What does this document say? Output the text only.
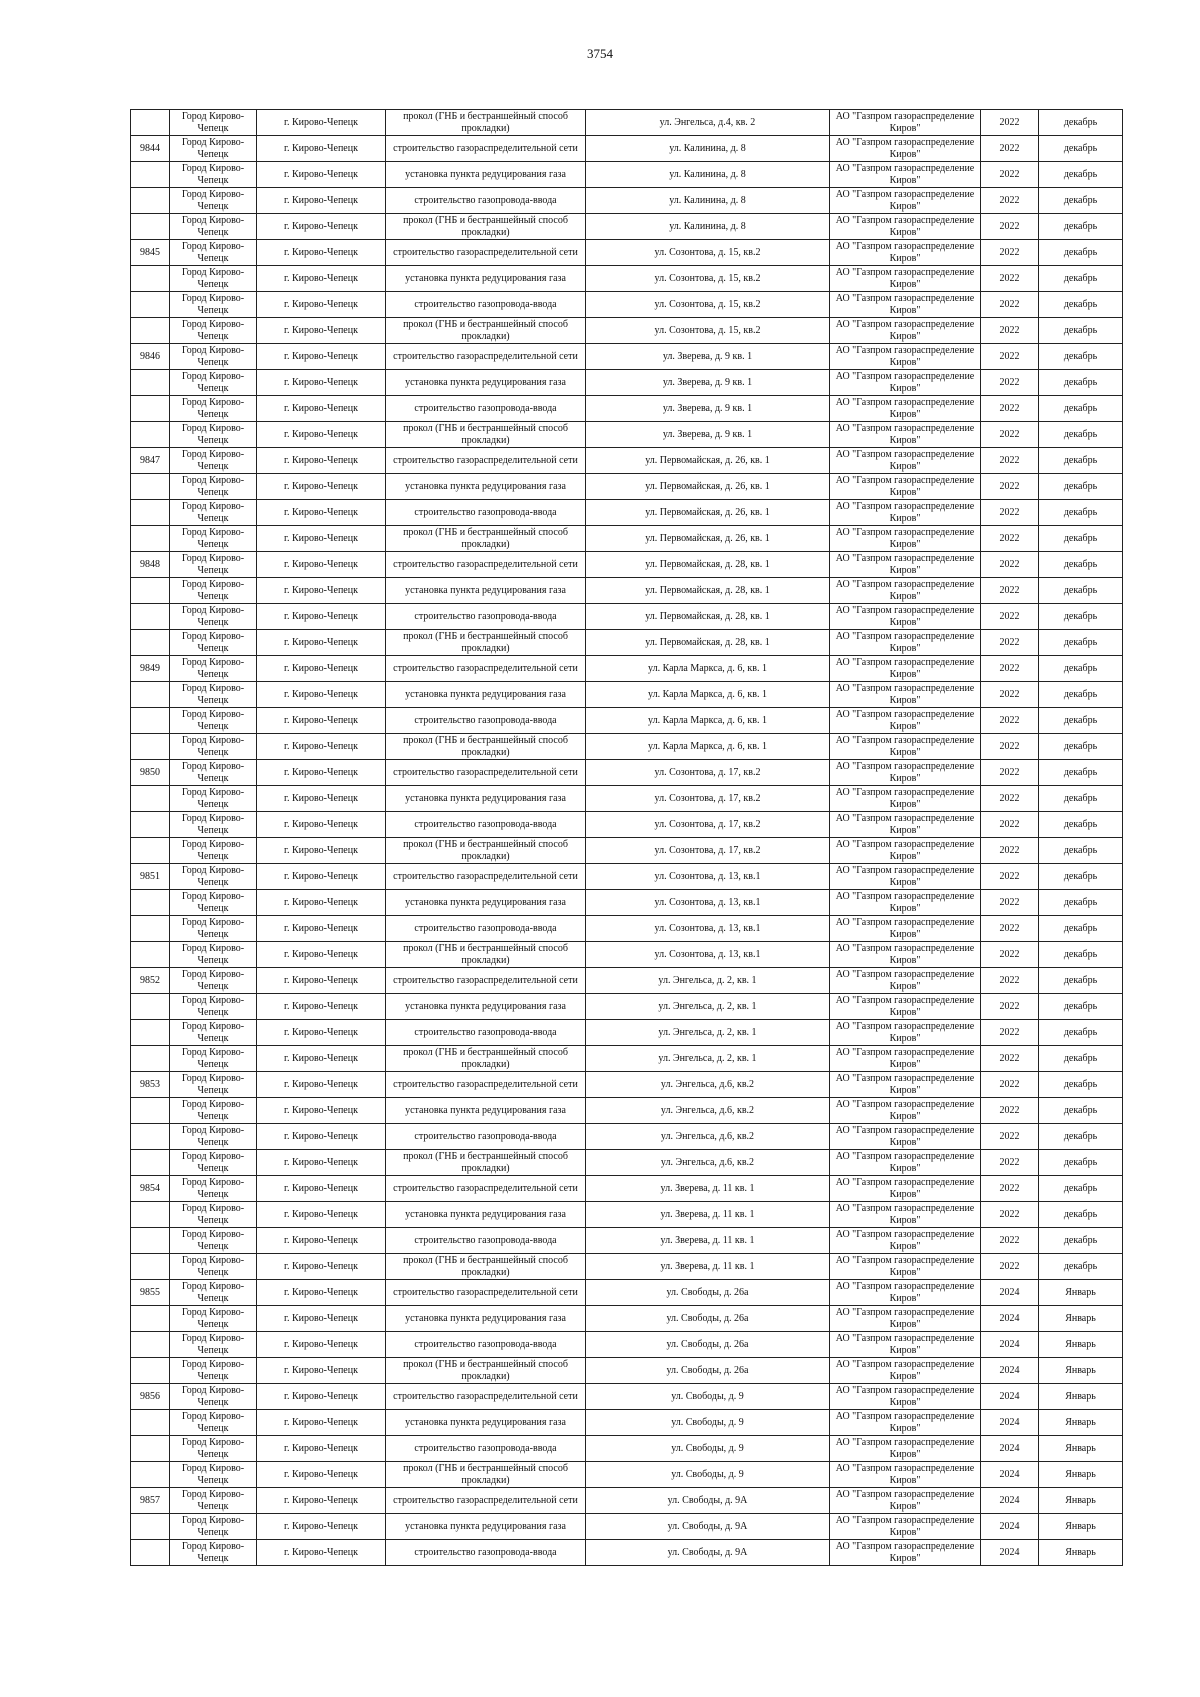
3754
	Город Кирово-Чепецк	г. Кирово-Чепецк	прокол (ГНБ и бестраншейный способ прокладки)	ул. Энгельса, д.4, кв. 2	АО "Газпром газораспределение Киров"	2022	декабрь
9844	Город Кирово-Чепецк	г. Кирово-Чепецк	строительство газораспределительной сети	ул. Калинина, д. 8	АО "Газпром газораспределение Киров"	2022	декабрь
	Город Кирово-Чепецк	г. Кирово-Чепецк	установка пункта редуцирования газа	ул. Калинина, д. 8	АО "Газпром газораспределение Киров"	2022	декабрь
	Город Кирово-Чепецк	г. Кирово-Чепецк	строительство газопровода-ввода	ул. Калинина, д. 8	АО "Газпром газораспределение Киров"	2022	декабрь
	Город Кирово-Чепецк	г. Кирово-Чепецк	прокол (ГНБ и бестраншейный способ прокладки)	ул. Калинина, д. 8	АО "Газпром газораспределение Киров"	2022	декабрь
9845	Город Кирово-Чепецк	г. Кирово-Чепецк	строительство газораспределительной сети	ул. Созонтова, д. 15, кв.2	АО "Газпром газораспределение Киров"	2022	декабрь
	Город Кирово-Чепецк	г. Кирово-Чепецк	установка пункта редуцирования газа	ул. Созонтова, д. 15, кв.2	АО "Газпром газораспределение Киров"	2022	декабрь
	Город Кирово-Чепецк	г. Кирово-Чепецк	строительство газопровода-ввода	ул. Созонтова, д. 15, кв.2	АО "Газпром газораспределение Киров"	2022	декабрь
	Город Кирово-Чепецк	г. Кирово-Чепецк	прокол (ГНБ и бестраншейный способ прокладки)	ул. Созонтова, д. 15, кв.2	АО "Газпром газораспределение Киров"	2022	декабрь
9846	Город Кирово-Чепецк	г. Кирово-Чепецк	строительство газораспределительной сети	ул. Зверева, д. 9 кв. 1	АО "Газпром газораспределение Киров"	2022	декабрь
	Город Кирово-Чепецк	г. Кирово-Чепецк	установка пункта редуцирования газа	ул. Зверева, д. 9 кв. 1	АО "Газпром газораспределение Киров"	2022	декабрь
	Город Кирово-Чепецк	г. Кирово-Чепецк	строительство газопровода-ввода	ул. Зверева, д. 9 кв. 1	АО "Газпром газораспределение Киров"	2022	декабрь
	Город Кирово-Чепецк	г. Кирово-Чепецк	прокол (ГНБ и бестраншейный способ прокладки)	ул. Зверева, д. 9 кв. 1	АО "Газпром газораспределение Киров"	2022	декабрь
9847	Город Кирово-Чепецк	г. Кирово-Чепецк	строительство газораспределительной сети	ул. Первомайская, д. 26, кв. 1	АО "Газпром газораспределение Киров"	2022	декабрь
	Город Кирово-Чепецк	г. Кирово-Чепецк	установка пункта редуцирования газа	ул. Первомайская, д. 26, кв. 1	АО "Газпром газораспределение Киров"	2022	декабрь
	Город Кирово-Чепецк	г. Кирово-Чепецк	строительство газопровода-ввода	ул. Первомайская, д. 26, кв. 1	АО "Газпром газораспределение Киров"	2022	декабрь
	Город Кирово-Чепецк	г. Кирово-Чепецк	прокол (ГНБ и бестраншейный способ прокладки)	ул. Первомайская, д. 26, кв. 1	АО "Газпром газораспределение Киров"	2022	декабрь
9848	Город Кирово-Чепецк	г. Кирово-Чепецк	строительство газораспределительной сети	ул. Первомайская, д. 28, кв. 1	АО "Газпром газораспределение Киров"	2022	декабрь
	Город Кирово-Чепецк	г. Кирово-Чепецк	установка пункта редуцирования газа	ул. Первомайская, д. 28, кв. 1	АО "Газпром газораспределение Киров"	2022	декабрь
	Город Кирово-Чепецк	г. Кирово-Чепецк	строительство газопровода-ввода	ул. Первомайская, д. 28, кв. 1	АО "Газпром газораспределение Киров"	2022	декабрь
	Город Кирово-Чепецк	г. Кирово-Чепецк	прокол (ГНБ и бестраншейный способ прокладки)	ул. Первомайская, д. 28, кв. 1	АО "Газпром газораспределение Киров"	2022	декабрь
9849	Город Кирово-Чепецк	г. Кирово-Чепецк	строительство газораспределительной сети	ул. Карла Маркса, д. 6, кв. 1	АО "Газпром газораспределение Киров"	2022	декабрь
	Город Кирово-Чепецк	г. Кирово-Чепецк	установка пункта редуцирования газа	ул. Карла Маркса, д. 6, кв. 1	АО "Газпром газораспределение Киров"	2022	декабрь
	Город Кирово-Чепецк	г. Кирово-Чепецк	строительство газопровода-ввода	ул. Карла Маркса, д. 6, кв. 1	АО "Газпром газораспределение Киров"	2022	декабрь
	Город Кирово-Чепецк	г. Кирово-Чепецк	прокол (ГНБ и бестраншейный способ прокладки)	ул. Карла Маркса, д. 6, кв. 1	АО "Газпром газораспределение Киров"	2022	декабрь
9850	Город Кирово-Чепецк	г. Кирово-Чепецк	строительство газораспределительной сети	ул. Созонтова, д. 17, кв.2	АО "Газпром газораспределение Киров"	2022	декабрь
	Город Кирово-Чепецк	г. Кирово-Чепецк	установка пункта редуцирования газа	ул. Созонтова, д. 17, кв.2	АО "Газпром газораспределение Киров"	2022	декабрь
	Город Кирово-Чепецк	г. Кирово-Чепецк	строительство газопровода-ввода	ул. Созонтова, д. 17, кв.2	АО "Газпром газораспределение Киров"	2022	декабрь
	Город Кирово-Чепецк	г. Кирово-Чепецк	прокол (ГНБ и бестраншейный способ прокладки)	ул. Созонтова, д. 17, кв.2	АО "Газпром газораспределение Киров"	2022	декабрь
9851	Город Кирово-Чепецк	г. Кирово-Чепецк	строительство газораспределительной сети	ул. Созонтова, д. 13, кв.1	АО "Газпром газораспределение Киров"	2022	декабрь
	Город Кирово-Чепецк	г. Кирово-Чепецк	установка пункта редуцирования газа	ул. Созонтова, д. 13, кв.1	АО "Газпром газораспределение Киров"	2022	декабрь
	Город Кирово-Чепецк	г. Кирово-Чепецк	строительство газопровода-ввода	ул. Созонтова, д. 13, кв.1	АО "Газпром газораспределение Киров"	2022	декабрь
	Город Кирово-Чепецк	г. Кирово-Чепецк	прокол (ГНБ и бестраншейный способ прокладки)	ул. Созонтова, д. 13, кв.1	АО "Газпром газораспределение Киров"	2022	декабрь
9852	Город Кирово-Чепецк	г. Кирово-Чепецк	строительство газораспределительной сети	ул. Энгельса, д. 2, кв. 1	АО "Газпром газораспределение Киров"	2022	декабрь
	Город Кирово-Чепецк	г. Кирово-Чепецк	установка пункта редуцирования газа	ул. Энгельса, д. 2, кв. 1	АО "Газпром газораспределение Киров"	2022	декабрь
	Город Кирово-Чепецк	г. Кирово-Чепецк	строительство газопровода-ввода	ул. Энгельса, д. 2, кв. 1	АО "Газпром газораспределение Киров"	2022	декабрь
	Город Кирово-Чепецк	г. Кирово-Чепецк	прокол (ГНБ и бестраншейный способ прокладки)	ул. Энгельса, д. 2, кв. 1	АО "Газпром газораспределение Киров"	2022	декабрь
9853	Город Кирово-Чепецк	г. Кирово-Чепецк	строительство газораспределительной сети	ул. Энгельса, д.6, кв.2	АО "Газпром газораспределение Киров"	2022	декабрь
	Город Кирово-Чепецк	г. Кирово-Чепецк	установка пункта редуцирования газа	ул. Энгельса, д.6, кв.2	АО "Газпром газораспределение Киров"	2022	декабрь
	Город Кирово-Чепецк	г. Кирово-Чепецк	строительство газопровода-ввода	ул. Энгельса, д.6, кв.2	АО "Газпром газораспределение Киров"	2022	декабрь
	Город Кирово-Чепецк	г. Кирово-Чепецк	прокол (ГНБ и бестраншейный способ прокладки)	ул. Энгельса, д.6, кв.2	АО "Газпром газораспределение Киров"	2022	декабрь
9854	Город Кирово-Чепецк	г. Кирово-Чепецк	строительство газораспределительной сети	ул. Зверева, д. 11 кв. 1	АО "Газпром газораспределение Киров"	2022	декабрь
	Город Кирово-Чепецк	г. Кирово-Чепецк	установка пункта редуцирования газа	ул. Зверева, д. 11 кв. 1	АО "Газпром газораспределение Киров"	2022	декабрь
	Город Кирово-Чепецк	г. Кирово-Чепецк	строительство газопровода-ввода	ул. Зверева, д. 11 кв. 1	АО "Газпром газораспределение Киров"	2022	декабрь
	Город Кирово-Чепецк	г. Кирово-Чепецк	прокол (ГНБ и бестраншейный способ прокладки)	ул. Зверева, д. 11 кв. 1	АО "Газпром газораспределение Киров"	2022	декабрь
9855	Город Кирово-Чепецк	г. Кирово-Чепецк	строительство газораспределительной сети	ул. Свободы, д. 26а	АО "Газпром газораспределение Киров"	2024	Январь
	Город Кирово-Чепецк	г. Кирово-Чепецк	установка пункта редуцирования газа	ул. Свободы, д. 26а	АО "Газпром газораспределение Киров"	2024	Январь
	Город Кирово-Чепецк	г. Кирово-Чепецк	строительство газопровода-ввода	ул. Свободы, д. 26а	АО "Газпром газораспределение Киров"	2024	Январь
	Город Кирово-Чепецк	г. Кирово-Чепецк	прокол (ГНБ и бестраншейный способ прокладки)	ул. Свободы, д. 26а	АО "Газпром газораспределение Киров"	2024	Январь
9856	Город Кирово-Чепецк	г. Кирово-Чепецк	строительство газораспределительной сети	ул. Свободы, д. 9	АО "Газпром газораспределение Киров"	2024	Январь
	Город Кирово-Чепецк	г. Кирово-Чепецк	установка пункта редуцирования газа	ул. Свободы, д. 9	АО "Газпром газораспределение Киров"	2024	Январь
	Город Кирово-Чепецк	г. Кирово-Чепецк	строительство газопровода-ввода	ул. Свободы, д. 9	АО "Газпром газораспределение Киров"	2024	Январь
	Город Кирово-Чепецк	г. Кирово-Чепецк	прокол (ГНБ и бестраншейный способ прокладки)	ул. Свободы, д. 9	АО "Газпром газораспределение Киров"	2024	Январь
9857	Город Кирово-Чепецк	г. Кирово-Чепецк	строительство газораспределительной сети	ул. Свободы, д. 9А	АО "Газпром газораспределение Киров"	2024	Январь
	Город Кирово-Чепецк	г. Кирово-Чепецк	установка пункта редуцирования газа	ул. Свободы, д. 9А	АО "Газпром газораспределение Киров"	2024	Январь
	Город Кирово-Чепецк	г. Кирово-Чепецк	строительство газопровода-ввода	ул. Свободы, д. 9А	АО "Газпром газораспределение Киров"	2024	Январь
